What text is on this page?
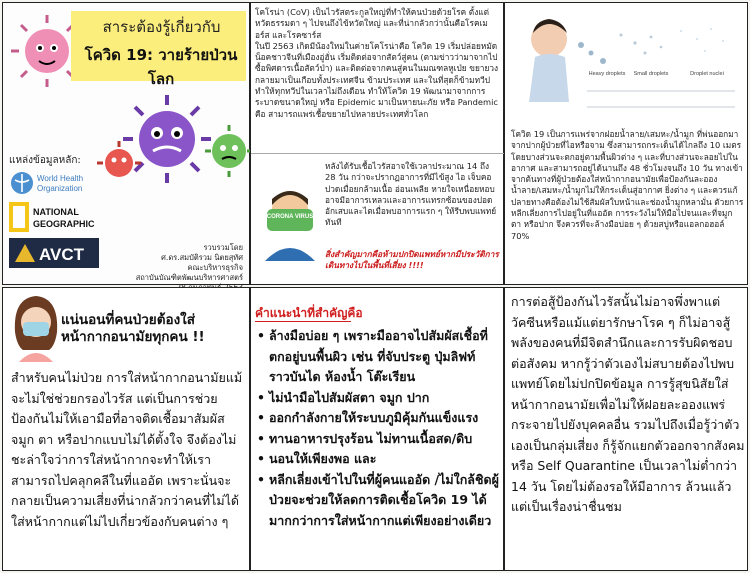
สาระต้องรู้เกี่ยวกับ
โควิด 19: วายร้ายป่วนโลก
แหล่งข้อมูลหลัก:
World Health
Organization
NATIONAL
GEOGRAPHIC
AVCT	รวบรวมโดย
ศ.ดร.สมบัติรวม นิตยสุทัศ
คณะบริหารธุรกิจ
สถาบันบัณฑิตพัฒนบริหารศาสตร์
โคโรน่า (CoV) เป็นไวรัสตระกูลใหญ่ที่ทำให้คนป่วยด้วยโรค ตั้งแต่หวัดธรรมดา ๆ ไปจนถึงไข้หวัดใหญ่ และที่น่ากลัวกว่านั้นคือโรคเมอร์ส และโรคซาร์ส
ในปี 2563 เกิดมีน้องใหม่ในค่ายโคโรน่าคือ โควิด 19 เริ่มปล่อยหมัดน็อคชาวจีนที่เมืองอู่ฮั่น เริ่มติดต่อจากสัตว์สู่คน (ตามข่าวว่ามาจากไปซื้อพิศดารเนื้อสัตว์ป่า) และติดต่อจากคนสู่คนในมณฑลหูเป่ย ขยายวงกลายมาเป็นเกือบทั้งประเทศจีน ข้ามประเทศ และในที่สุดก็ข้ามทวีปทำให้ทุกทวีปในเวลาไม่ถึงเดือน ทำให้โควิด 19 พัฒนามาจากการระบาดขนาดใหญ่ หรือ Epidemic มาเป็นหายนะภัย หรือ Pandemic คือ สามารถแพร่เชื้อขยายไปหลายประเทศทั่วโลก
CORONA VIRUS
หลังได้รับเชื้อไวรัสอาจใช้เวลาประมาณ 14 ถึง 28 วัน กว่าจะปรากฏอาการที่มีไข้สูง ไอ เจ็บคอ ปวดเมื่อยกล้ามเนื้อ อ่อนเพลีย หายใจเหนื่อยหอบ อาจมีอาการเหลวและอาการแทรกซ้อนของปอดอักเสบและไตเมื่อพบอาการแรก ๆ ให้รีบพบแพทย์ทันที
สิ่งสำคัญมากคือห้ามปกปิดแพทย์หากมีประวัติการเดินทางไปในพื้นที่เสี่ยง !!!!
Heavy droplets Small droplets	Droplet nuclei
โควิด 19 เป็นการแพร่จากฝอยน้ำลาย/เสมหะ/น้ำมูก ที่พ่นออกมาจากปากผู้ป่วยที่ไอหรือจาม ซึ่งสามารถกระเด็นได้ไกลถึง 10 เมตร โดยบางส่วนจะตกอยู่ตามพื้นผิวต่าง ๆ และที่บางส่วนจะลอยไปในอากาศ และสามารถอยู่ได้นานถึง 48 ชั่วโมงจนถึง 10 วัน ทางเข้าจากต้นทางที่ผู้ป่วยต้องใส่หน้ากากอนามัยเพื่อป้องกันละอองน้ำลาย/เสมหะ/น้ำมูกไม่ให้กระเด็นสู่อากาศ ยิ่งต่าง ๆ และควรแก้ปลายทางคือต้องไม่ใช้สัมผัสใบหน้าและช่องน้ำมูกหลามั่น ตัวยการหลีกเลี่ยงการไปอยู่ในที่แออัด การระวังไม่ให้มือไปจนและที่จมูก ตา หรือปาก จึงควรที่จะล้างมือบ่อย ๆ ด้วยสบู่หรือแอลกอฮอล์ 70%
แน่นอนที่คนป่วยต้องใส่หน้ากากอนามัยทุกคน !!
สำหรับคนไม่ป่วย การใส่หน้ากากอนามัยแม้จะไม่ใช่ช่วยกรองไวรัส แต่เป็นการช่วยป้องกันไม่ให้เอามือที่อาจติดเชื้อมาสัมผัสจมูก ตา หรือปากแบบไม่ได้ตั้งใจ จึงต้องไม่ชะล่าใจว่าการใส่หน้ากากจะทำให้เราสามารถไปคลุกคลีในที่แออัด เพราะนั่นจะกลายเป็นความเสี่ยงที่น่ากลัวกว่าคนที่ไม่ได้ใส่หน้ากากแต่ไม่ไปเกี่ยวข้องกับคนต่าง ๆ
คำแนะนำที่สำคัญคือ
• ล้างมือบ่อย ๆ เพราะมืออาจไปสัมผัสเชื้อที่ตกอยู่บนพื้นผิว เช่น ที่จับประตู ปุ่มลิฟท์ ราวบันได ห้องน้ำ โต๊ะเรียน
• ไม่นำมือไปสัมผัสตา จมูก ปาก
• ออกกำลังกายให้ระบบภูมิคุ้มกันแข็งแรง
• ทานอาหารปรุงร้อน ไม่ทานเนื้อสด/ดิบ
• นอนให้เพียงพอ และ
• หลีกเลี่ยงเข้าไปในที่ผู้คนแออัด /ไม่ใกล้ชิดผู้ป่วยจะช่วยให้ลดการติดเชื้อโควิด 19 ได้มากกว่าการใส่หน้ากากแต่เพียงอย่างเดียว
การต่อสู้ป้องกันไวรัสนั้นไม่อาจพึ่งพาแต่วัคซีนหรือแม้แต่ยารักษาโรค ๆ ก็ไม่อาจสู้พลังของคนที่มีจิตสำนึกและการรับผิดชอบต่อสังคม หากรู้ว่าตัวเองไม่สบายต้องไปพบแพทย์โดยไม่ปกปิดข้อมูล การรู้สุขนิสัยใส่หน้ากากอนามัยเพื่อไม่ให้ฝอยละอองแพร่กระจายไปยังบุคคลอื่น รวมไปถึงเมื่อรู้ว่าตัวเองเป็นกลุ่มเสี่ยง ก็รู้จักแยกตัวออกจากสังคมหรือ Self Quarantine เป็นเวลาไม่ต่ำกว่า 14 วัน โดยไม่ต้องรอให้มีอาการ ล้วนแล้วแต่เป็นเรื่องน่าชื่นชม
